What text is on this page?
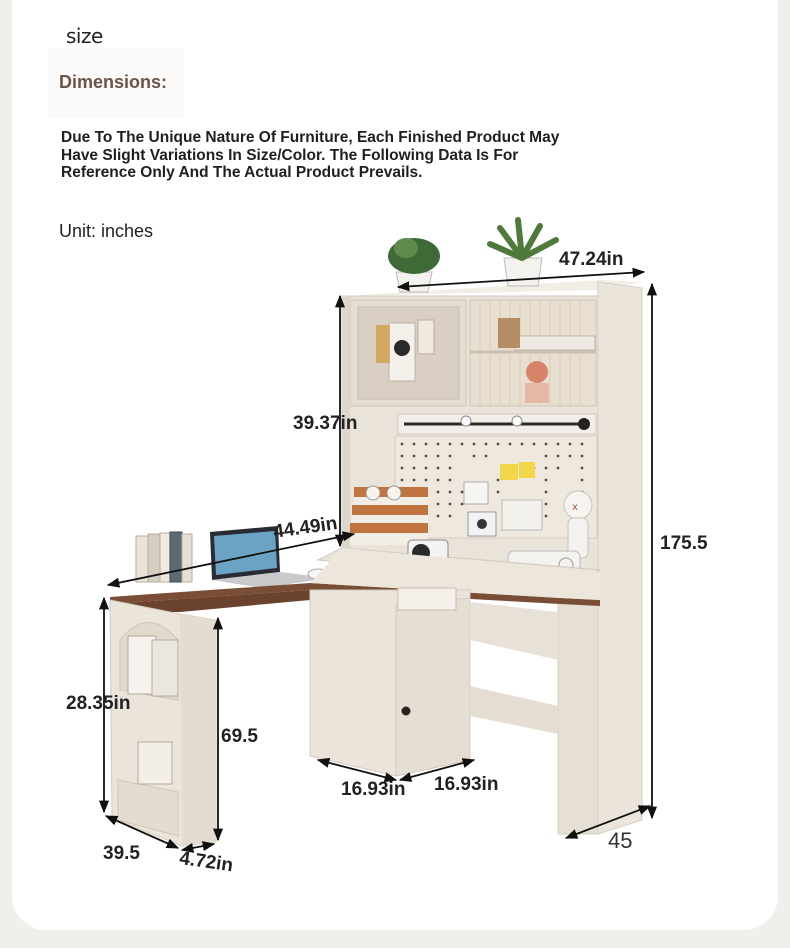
size
Dimensions:
Due To The Unique Nature Of Furniture, Each Finished Product May Have Slight Variations In Size/Color. The Following Data Is For Reference Only And The Actual Product Prevails.
Unit: inches
x
47.24in
39.37in
44.49in
175.5
28.35in
69.5
16.93in 16.93in
39.5 4.72in
45
